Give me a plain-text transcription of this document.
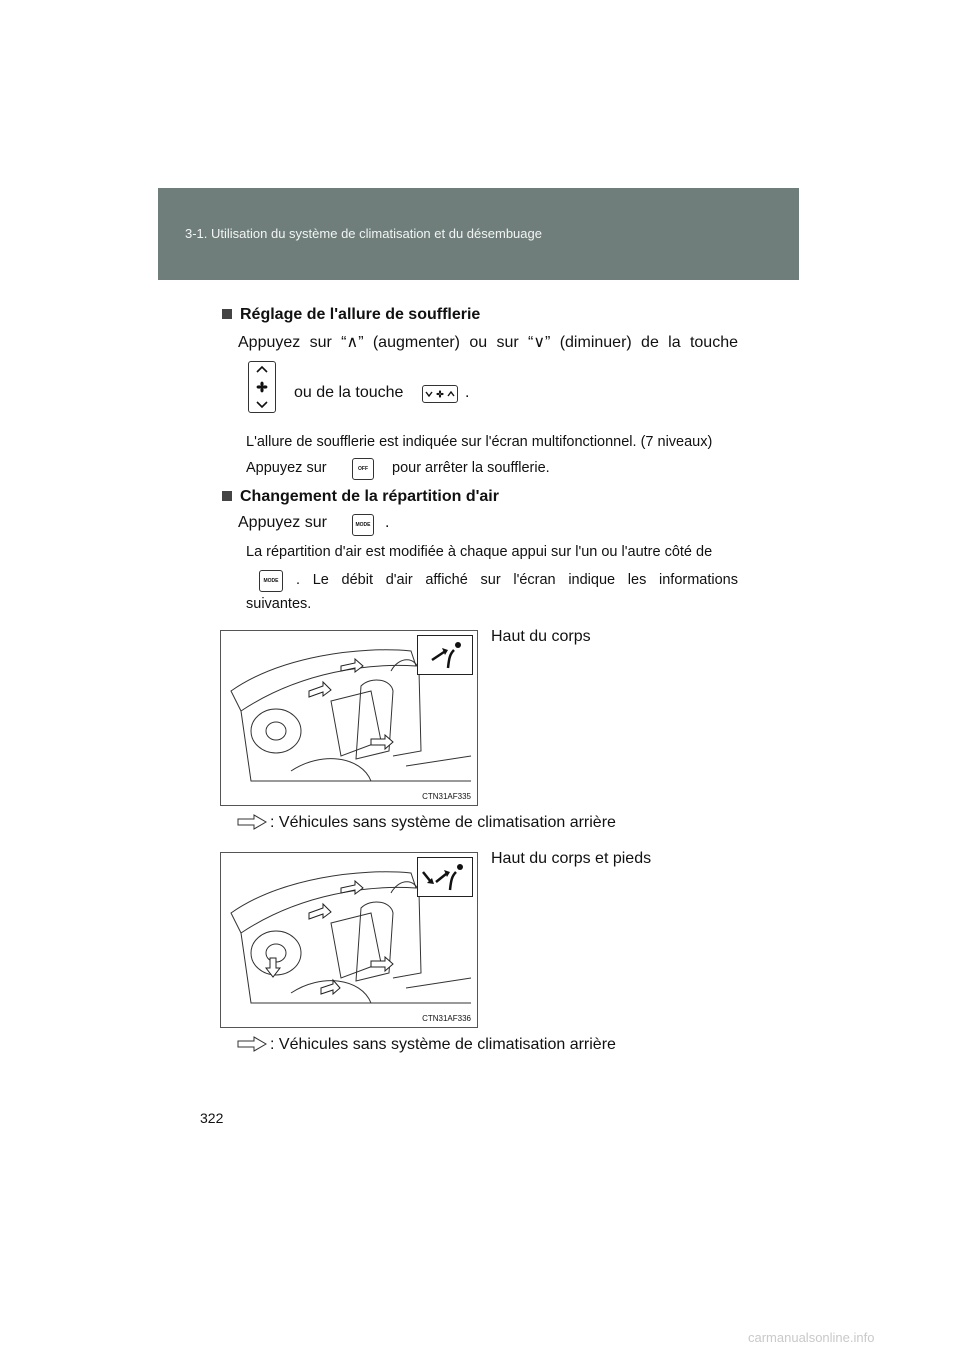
3-1. Utilisation du système de climatisation et du désembuage
Réglage de l'allure de soufflerie
Appuyez sur “∧” (augmenter) ou sur “∨” (diminuer) de la touche
ou de la touche	.
L'allure de soufflerie est indiquée sur l'écran multifonctionnel. (7 niveaux)
Appuyez sur	OFF pour arrêter la soufflerie.
Changement de la répartition d'air
Appuyez sur	MODE .
La répartition d'air est modifiée à chaque appui sur l'un ou l'autre côté de
MODE . Le débit d'air affiché sur l'écran indique les informations
suivantes.
CTN31AF335
Haut du corps
: Véhicules sans système de climatisation arrière
CTN31AF336
Haut du corps et pieds
: Véhicules sans système de climatisation arrière
322
carmanualsonline.info
